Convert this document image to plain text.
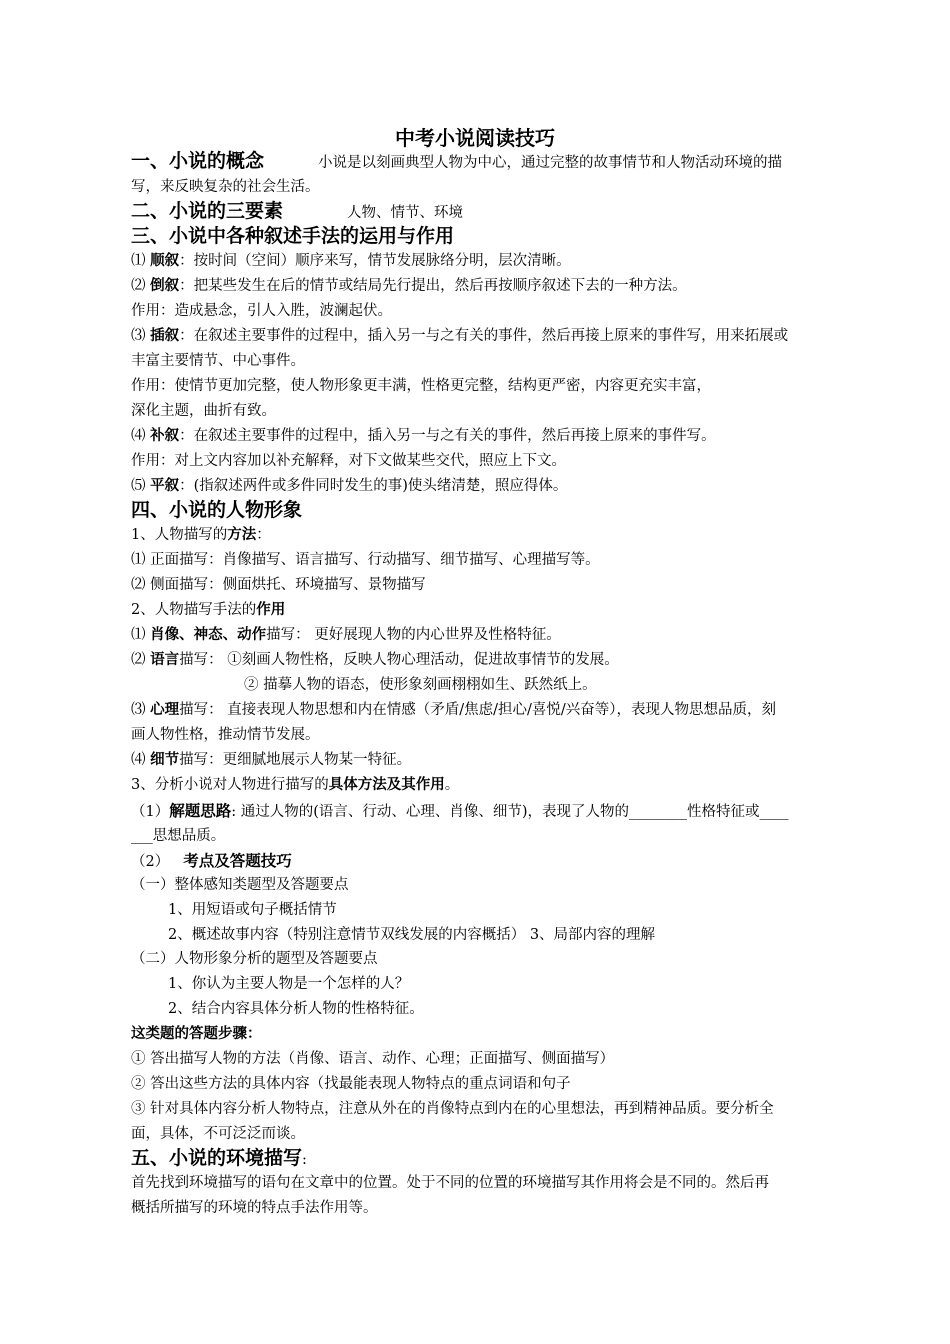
中考小说阅读技巧
一、小说的概念	小说是以刻画典型人物为中心，通过完整的故事情节和人物活动环境的描
写，来反映复杂的社会生活。
二、小说的三要素	人物、情节、环境
三、小说中各种叙述手法的运用与作用
⑴ 顺叙：按时间（空间）顺序来写，情节发展脉络分明，层次清晰。
⑵ 倒叙：把某些发生在后的情节或结局先行提出，然后再按顺序叙述下去的一种方法。
作用：造成悬念，引人入胜，波澜起伏。
⑶ 插叙：在叙述主要事件的过程中，插入另一与之有关的事件，然后再接上原来的事件写，用来拓展或
丰富主要情节、中心事件。
作用：使情节更加完整，使人物形象更丰满，性格更完整，结构更严密，内容更充实丰富，
深化主题，曲折有致。
⑷ 补叙：在叙述主要事件的过程中，插入另一与之有关的事件，然后再接上原来的事件写。
作用：对上文内容加以补充解释，对下文做某些交代，照应上下文。
⑸ 平叙：(指叙述两件或多件同时发生的事)使头绪清楚，照应得体。
四、小说的人物形象
1、人物描写的方法：
⑴ 正面描写：肖像描写、语言描写、行动描写、细节描写、心理描写等。
⑵ 侧面描写：侧面烘托、环境描写、景物描写
2、人物描写手法的作用
⑴ 肖像、神态、动作描写： 更好展现人物的内心世界及性格特征。
⑵ 语言描写： ①刻画人物性格，反映人物心理活动，促进故事情节的发展。
② 描摹人物的语态，使形象刻画栩栩如生、跃然纸上。
⑶ 心理描写： 直接表现人物思想和内在情感（矛盾/焦虑/担心/喜悦/兴奋等），表现人物思想品质，刻
画人物性格，推动情节发展。
⑷ 细节描写：更细腻地展示人物某一特征。
3、分析小说对人物进行描写的具体方法及其作用。
（1）解题思路: 通过人物的(语言、行动、心理、肖像、细节)，表现了人物的________性格特征或____
___思想品质。
（2） 考点及答题技巧
（一）整体感知类题型及答题要点
1、用短语或句子概括情节
2、概述故事内容（特别注意情节双线发展的内容概括） 3、局部内容的理解
（二）人物形象分析的题型及答题要点
1、你认为主要人物是一个怎样的人？
2、结合内容具体分析人物的性格特征。
这类题的答题步骤：
① 答出描写人物的方法（肖像、语言、动作、心理；正面描写、侧面描写）
② 答出这些方法的具体内容（找最能表现人物特点的重点词语和句子
③ 针对具体内容分析人物特点，注意从外在的肖像特点到内在的心里想法，再到精神品质。要分析全
面，具体，不可泛泛而谈。
五、小说的环境描写:
首先找到环境描写的语句在文章中的位置。处于不同的位置的环境描写其作用将会是不同的。然后再
概括所描写的环境的特点手法作用等。
